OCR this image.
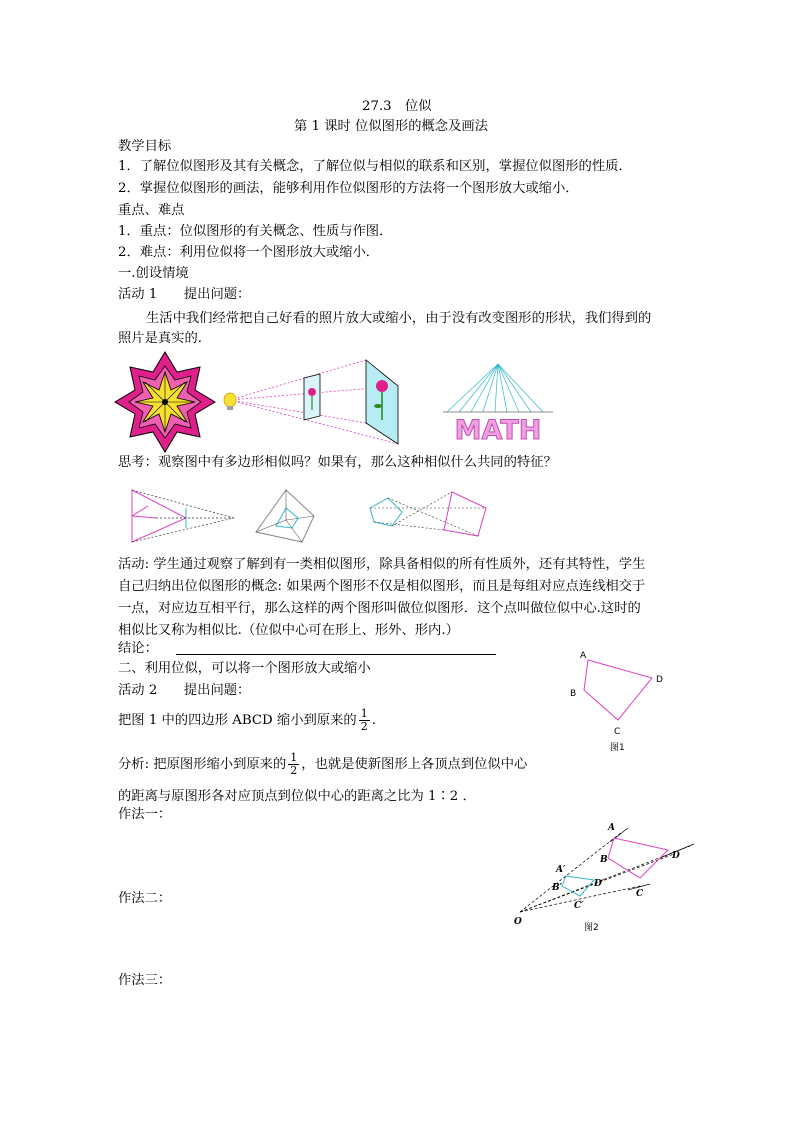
27.3　位似
第 1 课时 位似图形的概念及画法
教学目标
1．了解位似图形及其有关概念，了解位似与相似的联系和区别，掌握位似图形的性质．
2．掌握位似图形的画法，能够利用作位似图形的方法将一个图形放大或缩小．
重点、难点
1．重点：位似图形的有关概念、性质与作图．
2．难点：利用位似将一个图形放大或缩小．
一.创设情境
活动 1　　提出问题：
生活中我们经常把自己好看的照片放大或缩小，由于没有改变图形的形状，我们得到的
照片是真实的.
MATH
思考：观察图中有多边形相似吗？如果有，那么这种相似什么共同的特征？
活动: 学生通过观察了解到有一类相似图形，除具备相似的所有性质外，还有其特性，学生
自己归纳出位似图形的概念: 如果两个图形不仅是相似图形，而且是每组对应点连线相交于
一点，对应边互相平行，那么这样的两个图形叫做位似图形．这个点叫做位似中心.这时的
相似比又称为相似比.（位似中心可在形上、形外、形内.）
结论：
二、利用位似，可以将一个图形放大或缩小
活动 2　　提出问题：
把图 1 中的四边形 ABCD 缩小到原来的 $\frac{1}{2}$ .
分析: 把原图形缩小到原来的 $\frac{1}{2}$ ，也就是使新图形上各顶点到位似中心
的距离与原图形各对应顶点到位似中心的距离之比为 1∶2 ．
作法一：
作法二：
作法三：
A
B
C
D
图1
A
B
C
D
A′
B′
C′
D′
O
图2
